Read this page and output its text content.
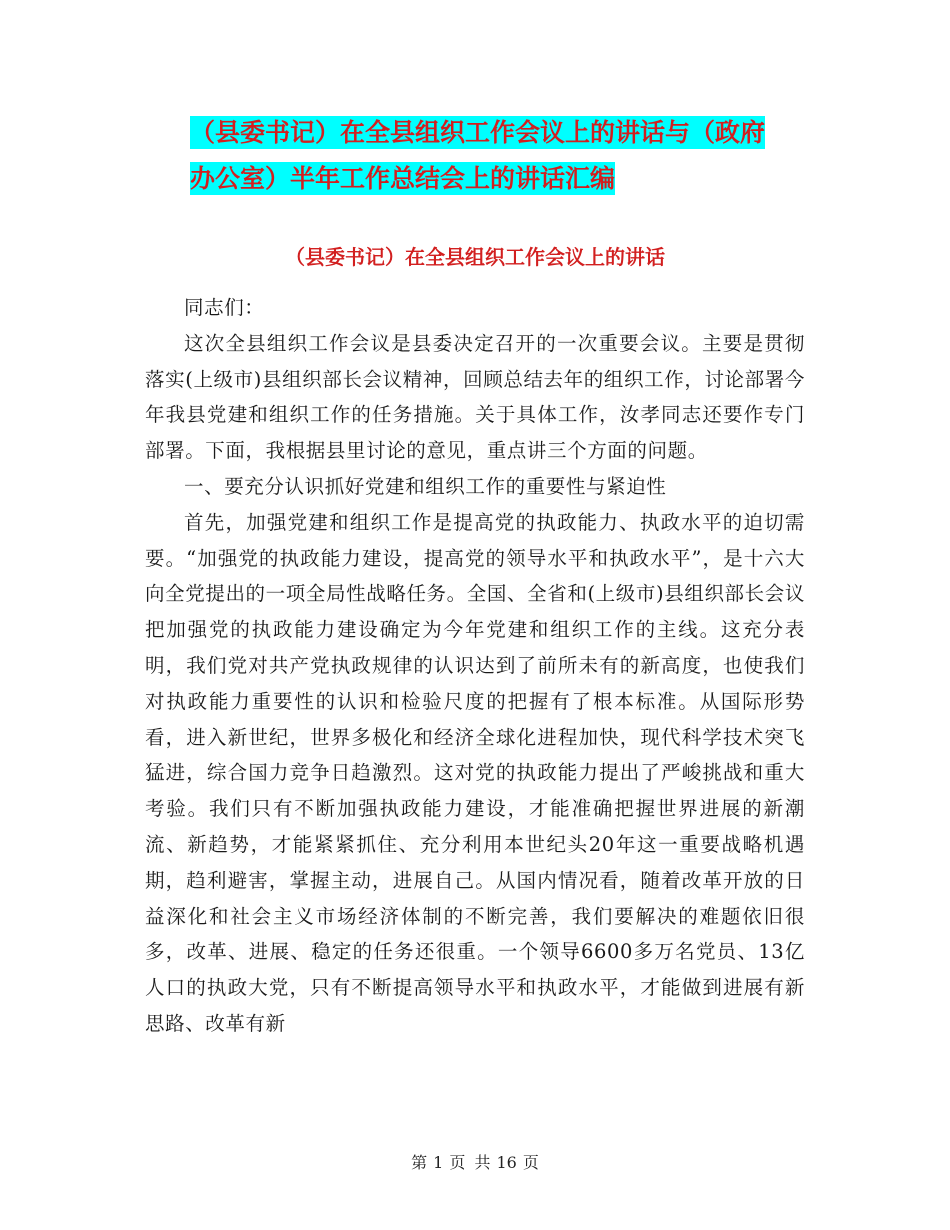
（县委书记）在全县组织工作会议上的讲话与（政府
办公室）半年工作总结会上的讲话汇编
（县委书记）在全县组织工作会议上的讲话

同志们：

这次全县组织工作会议是县委决定召开的一次重要会议。主要是贯彻落实(上级市)县组织部长会议精神，回顾总结去年的组织工作，讨论部署今年我县党建和组织工作的任务措施。关于具体工作，汝孝同志还要作专门部署。下面，我根据县里讨论的意见，重点讲三个方面的问题。

一、要充分认识抓好党建和组织工作的重要性与紧迫性

首先，加强党建和组织工作是提高党的执政能力、执政水平的迫切需要。“加强党的执政能力建设，提高党的领导水平和执政水平”，是十六大向全党提出的一项全局性战略任务。全国、全省和(上级市)县组织部长会议把加强党的执政能力建设确定为今年党建和组织工作的主线。这充分表明，我们党对共产党执政规律的认识达到了前所未有的新高度，也使我们对执政能力重要性的认识和检验尺度的把握有了根本标准。从国际形势看，进入新世纪，世界多极化和经济全球化进程加快，现代科学技术突飞猛进，综合国力竞争日趋激烈。这对党的执政能力提出了严峻挑战和重大考验。我们只有不断加强执政能力建设，才能准确把握世界进展的新潮流、新趋势，才能紧紧抓住、充分利用本世纪头20年这一重要战略机遇期，趋利避害，掌握主动，进展自己。从国内情况看，随着改革开放的日益深化和社会主义市场经济体制的不断完善，我们要解决的难题依旧很多，改革、进展、稳定的任务还很重。一个领导6600多万名党员、13亿人口的执政大党，只有不断提高领导水平和执政水平，才能做到进展有新思路、改革有新

第 1 页 共 16 页
